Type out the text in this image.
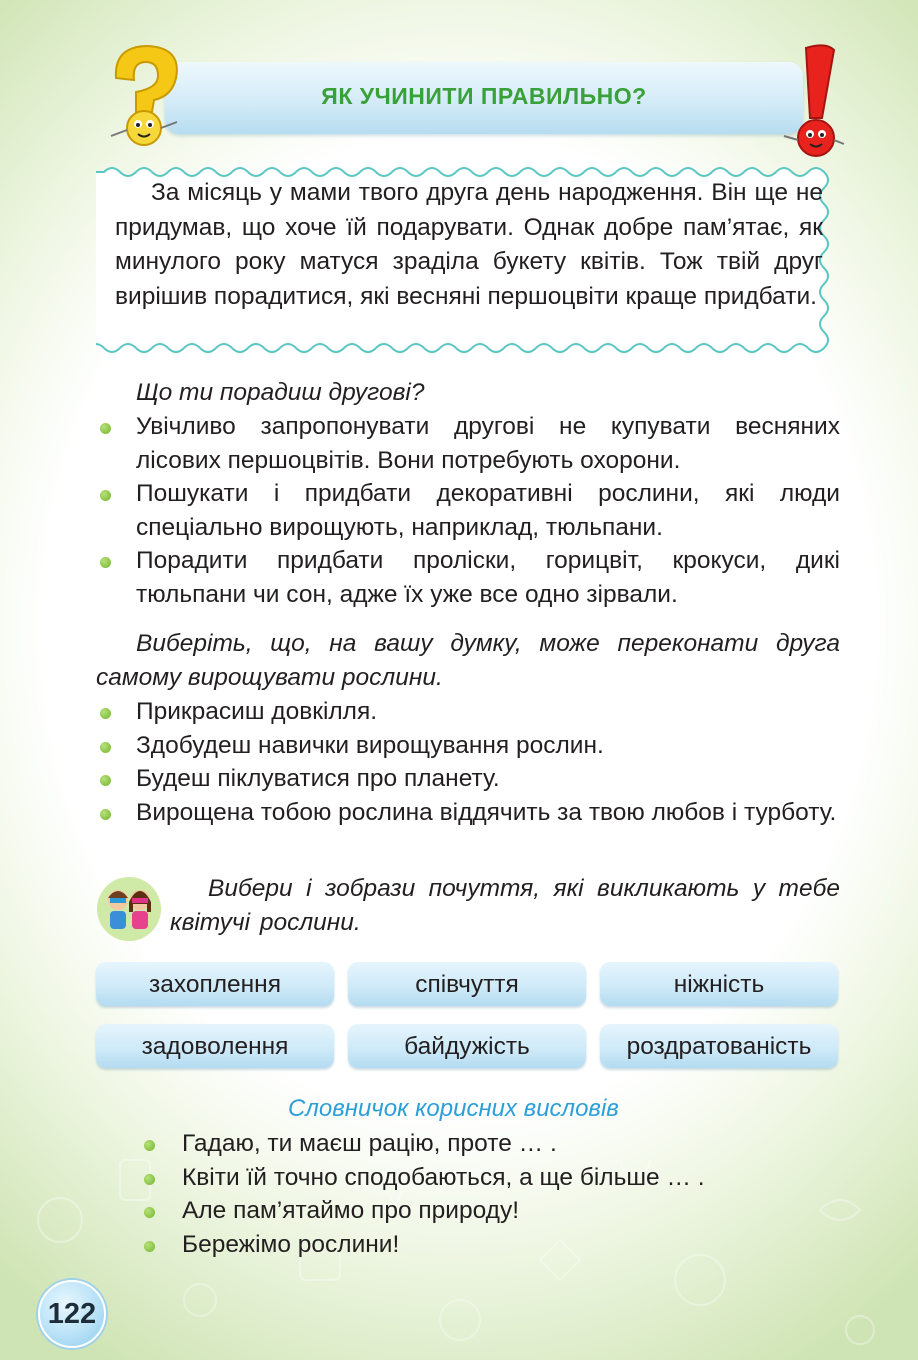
ЯК УЧИНИТИ ПРАВИЛЬНО?
За місяць у мами твого друга день народження. Він ще не придумав, що хоче їй подарувати. Однак добре пам’ятає, як минулого року матуся зраділа букету квітів. Тож твій друг вирішив порадитися, які весняні першоцвіти краще придбати.
Що ти порадиш другові?
Увічливо запропонувати другові не купувати весняних лісових першоцвітів. Вони потребують охорони.
Пошукати і придбати декоративні рослини, які люди спеціально вирощують, наприклад, тюльпани.
Порадити придбати проліски, горицвіт, крокуси, дикі тюльпани чи сон, адже їх уже все одно зірвали.
Виберіть, що, на вашу думку, може переконати друга самому вирощувати рослини.
Прикрасиш довкілля.
Здобудеш навички вирощування рослин.
Будеш піклуватися про планету.
Вирощена тобою рослина віддячить за твою любов і турботу.
Вибери і зобрази почуття, які викликають у тебе квітучі рослини.
захоплення	співчуття	ніжність
задоволення	байдужість	роздратованість
Словничок корисних висловів
Гадаю, ти маєш рацію, проте … .
Квіти їй точно сподобаються, а ще більше … .
Але пам’ятаймо про природу!
Бережімо рослини!
122
